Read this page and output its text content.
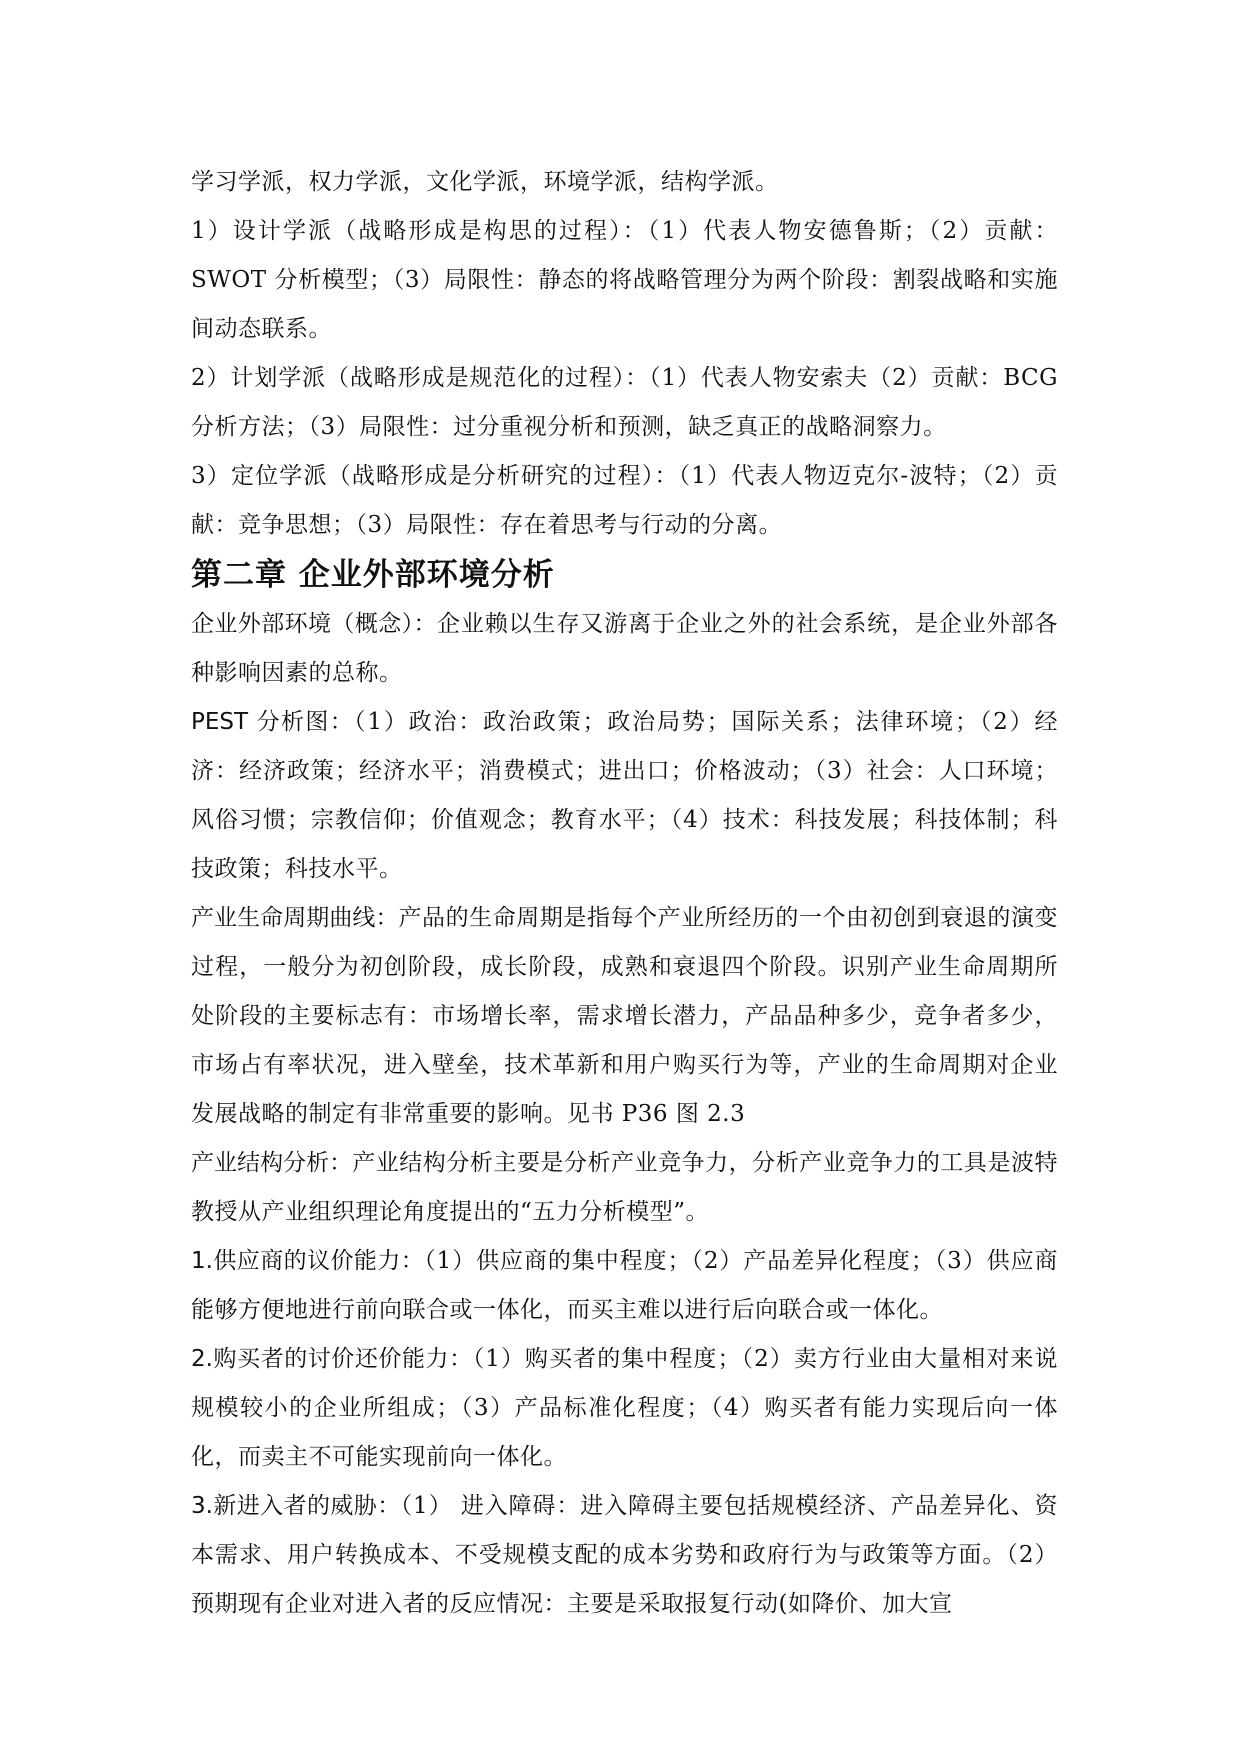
学习学派，权力学派，文化学派，环境学派，结构学派。

1）设计学派（战略形成是构思的过程）：（1）代表人物安德鲁斯；（2）贡献：SWOT 分析模型；（3）局限性：静态的将战略管理分为两个阶段：割裂战略和实施间动态联系。

2）计划学派（战略形成是规范化的过程）：（1）代表人物安索夫（2）贡献：BCG 分析方法；（3）局限性：过分重视分析和预测，缺乏真正的战略洞察力。

3）定位学派（战略形成是分析研究的过程）：（1）代表人物迈克尔-波特；（2）贡献：竞争思想；（3）局限性：存在着思考与行动的分离。

第二章 企业外部环境分析

企业外部环境（概念）：企业赖以生存又游离于企业之外的社会系统，是企业外部各种影响因素的总称。

PEST 分析图：（1）政治：政治政策；政治局势；国际关系；法律环境；（2）经济：经济政策；经济水平；消费模式；进出口；价格波动；（3）社会：人口环境；风俗习惯；宗教信仰；价值观念；教育水平；（4）技术：科技发展；科技体制；科技政策；科技水平。

产业生命周期曲线：产品的生命周期是指每个产业所经历的一个由初创到衰退的演变过程，一般分为初创阶段，成长阶段，成熟和衰退四个阶段。识别产业生命周期所处阶段的主要标志有：市场增长率，需求增长潜力，产品品种多少，竞争者多少，市场占有率状况，进入壁垒，技术革新和用户购买行为等，产业的生命周期对企业发展战略的制定有非常重要的影响。见书 P36 图 2.3

产业结构分析：产业结构分析主要是分析产业竞争力，分析产业竞争力的工具是波特教授从产业组织理论角度提出的“五力分析模型”。

1.供应商的议价能力：（1）供应商的集中程度；（2）产品差异化程度；（3）供应商能够方便地进行前向联合或一体化，而买主难以进行后向联合或一体化。

2.购买者的讨价还价能力：（1）购买者的集中程度；（2）卖方行业由大量相对来说规模较小的企业所组成；（3）产品标准化程度；（4）购买者有能力实现后向一体化，而卖主不可能实现前向一体化。

3.新进入者的威胁：（1） 进入障碍：进入障碍主要包括规模经济、产品差异化、资本需求、用户转换成本、不受规模支配的成本劣势和政府行为与政策等方面。（2） 预期现有企业对进入者的反应情况：主要是采取报复行动(如降价、加大宣
